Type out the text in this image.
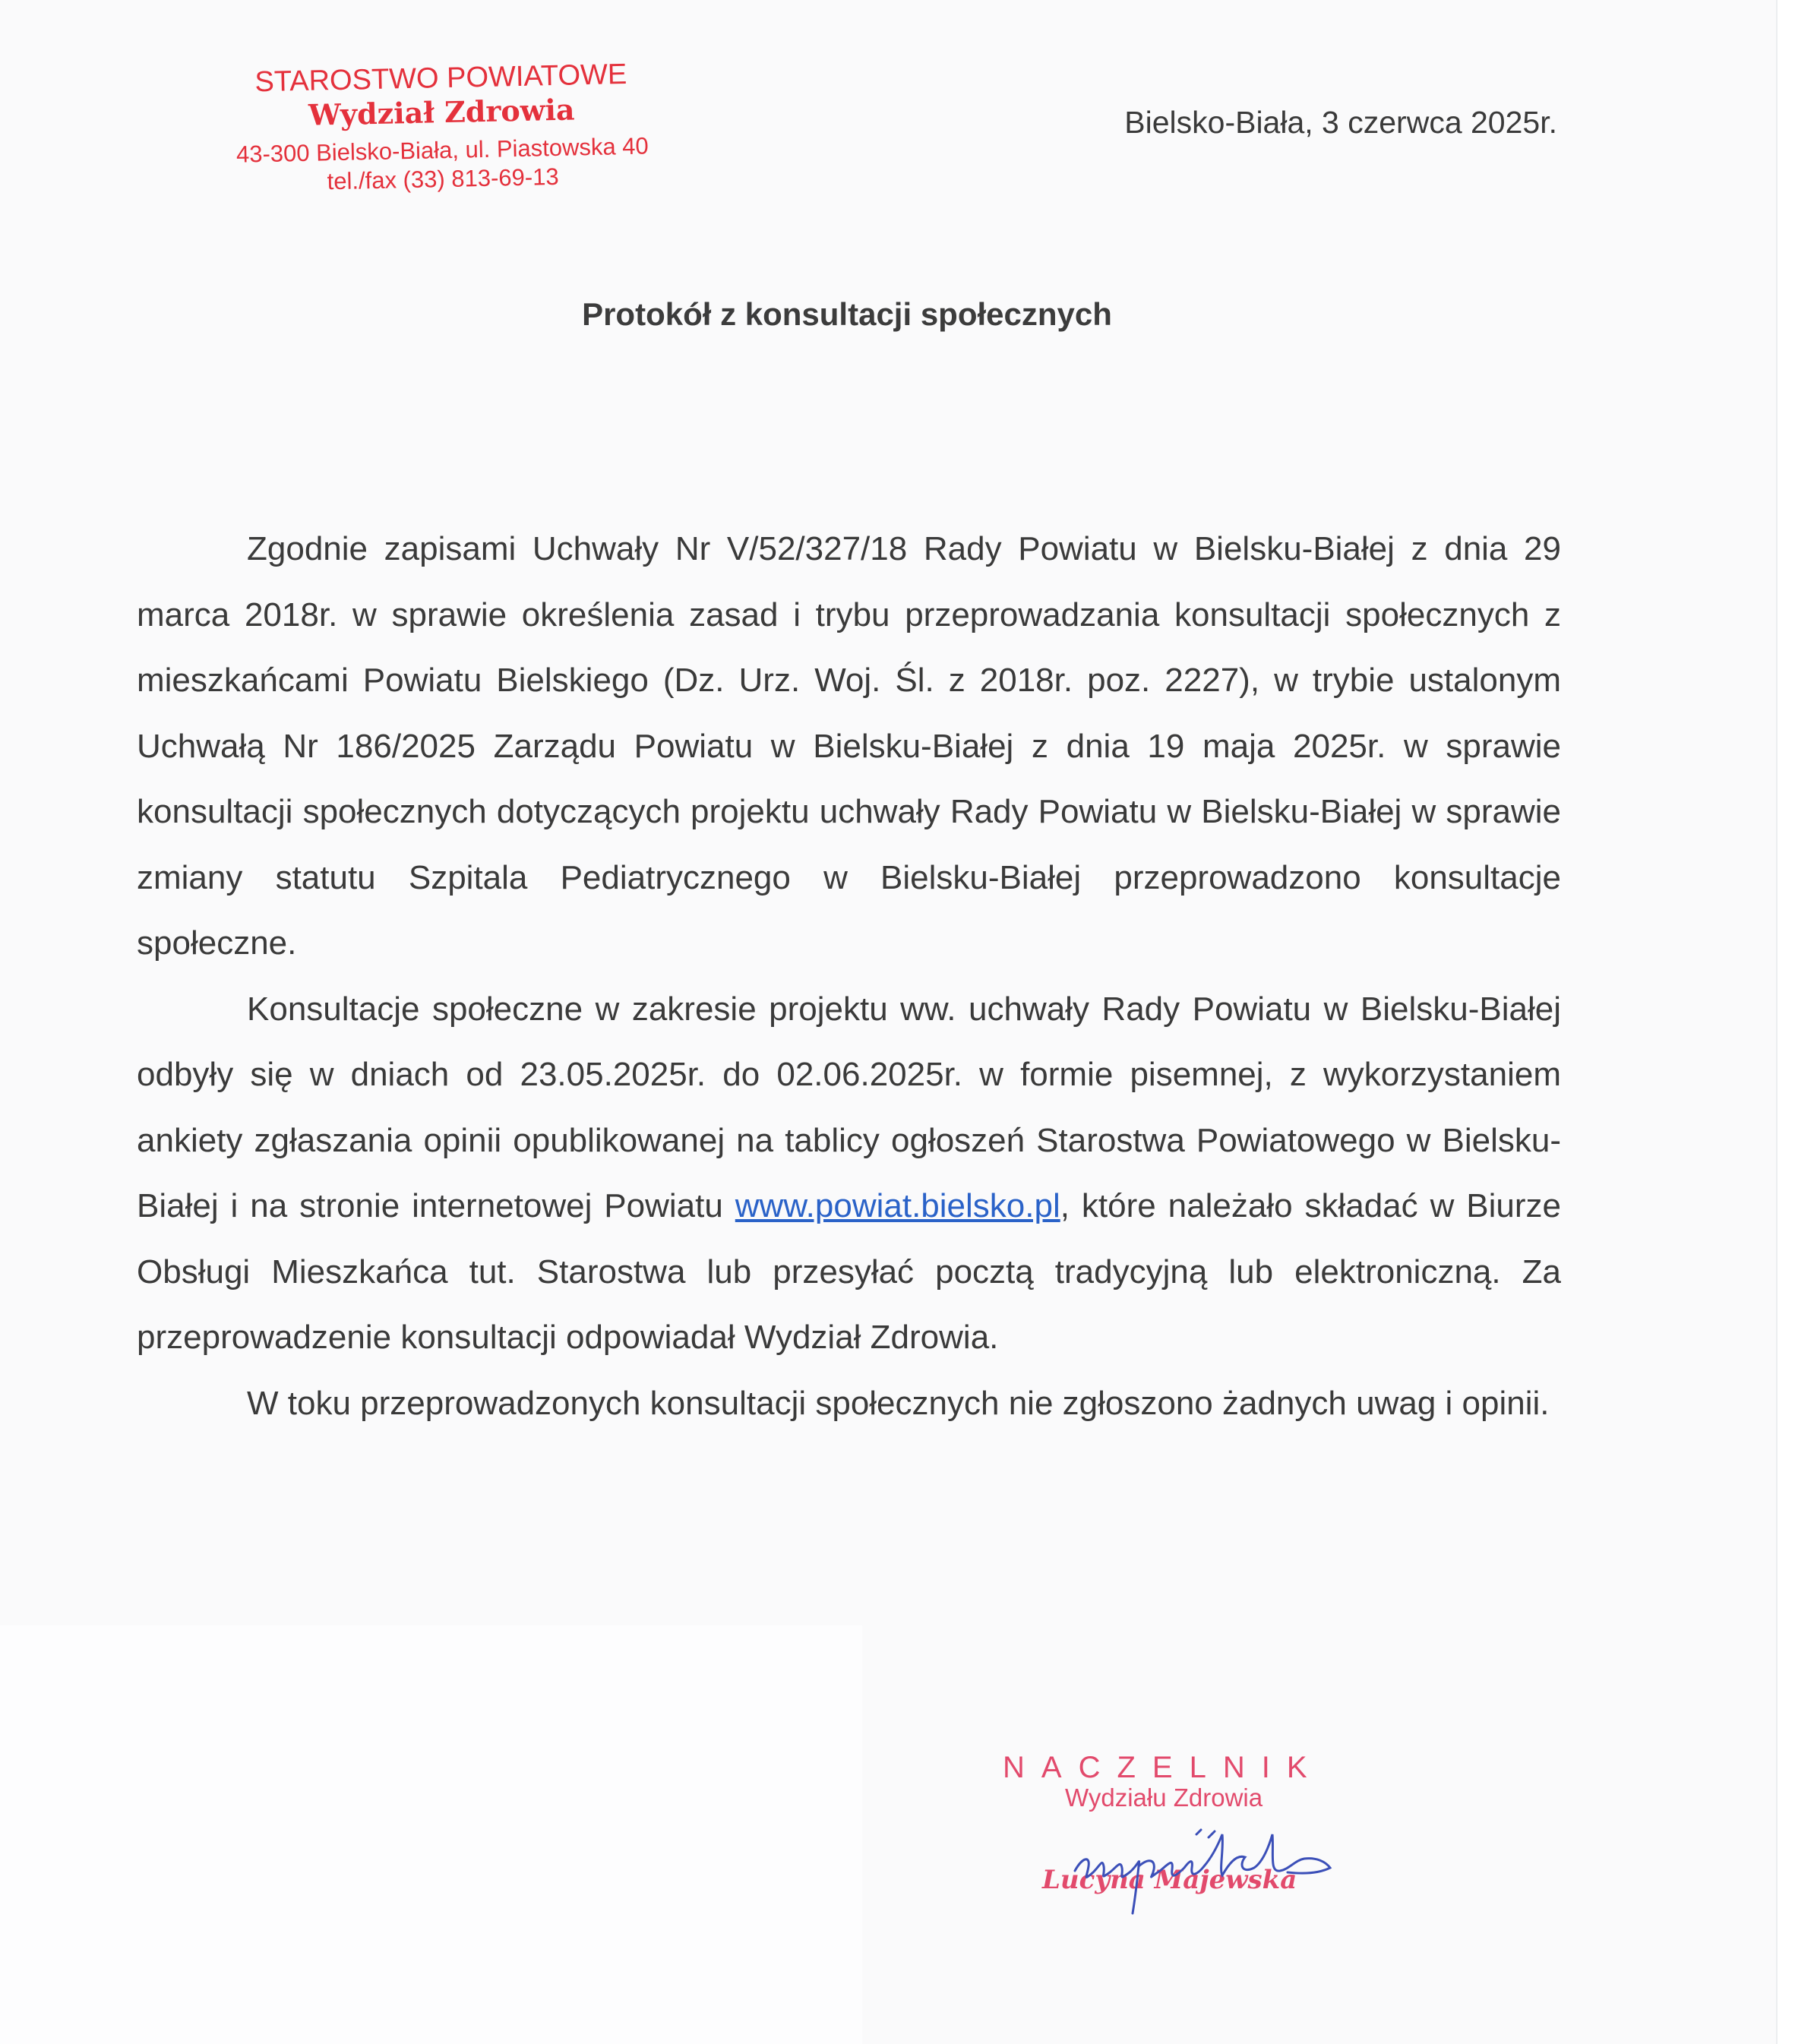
STAROSTWO POWIATOWE
Wydział Zdrowia
43-300 Bielsko-Biała, ul. Piastowska 40
tel./fax (33) 813-69-13
Bielsko-Biała, 3 czerwca 2025r.
Protokół z konsultacji społecznych

Zgodnie zapisami Uchwały Nr V/52/327/18 Rady Powiatu w Bielsku-Białej z dnia 29 marca 2018r. w sprawie określenia zasad i trybu przeprowadzania konsultacji społecznych z mieszkańcami Powiatu Bielskiego (Dz. Urz. Woj. Śl. z 2018r. poz. 2227), w trybie ustalonym Uchwałą Nr 186/2025 Zarządu Powiatu w Bielsku-Białej z dnia 19 maja 2025r. w sprawie konsultacji społecznych dotyczących projektu uchwały Rady Powiatu w Bielsku-Białej w sprawie zmiany statutu Szpitala Pediatrycznego w Bielsku-Białej przeprowadzono konsultacje społeczne.

Konsultacje społeczne w zakresie projektu ww. uchwały Rady Powiatu w Bielsku-Białej odbyły się w dniach od 23.05.2025r. do 02.06.2025r. w formie pisemnej, z wykorzystaniem ankiety zgłaszania opinii opublikowanej na tablicy ogłoszeń Starostwa Powiatowego w Bielsku-Białej i na stronie internetowej Powiatu www.powiat.bielsko.pl, które należało składać w Biurze Obsługi Mieszkańca tut. Starostwa lub przesyłać pocztą tradycyjną lub elektroniczną. Za przeprowadzenie konsultacji odpowiadał Wydział Zdrowia.

W toku przeprowadzonych konsultacji społecznych nie zgłoszono żadnych uwag i opinii.

NACZELNIK
Wydziału Zdrowia
Lucyna Majewska
